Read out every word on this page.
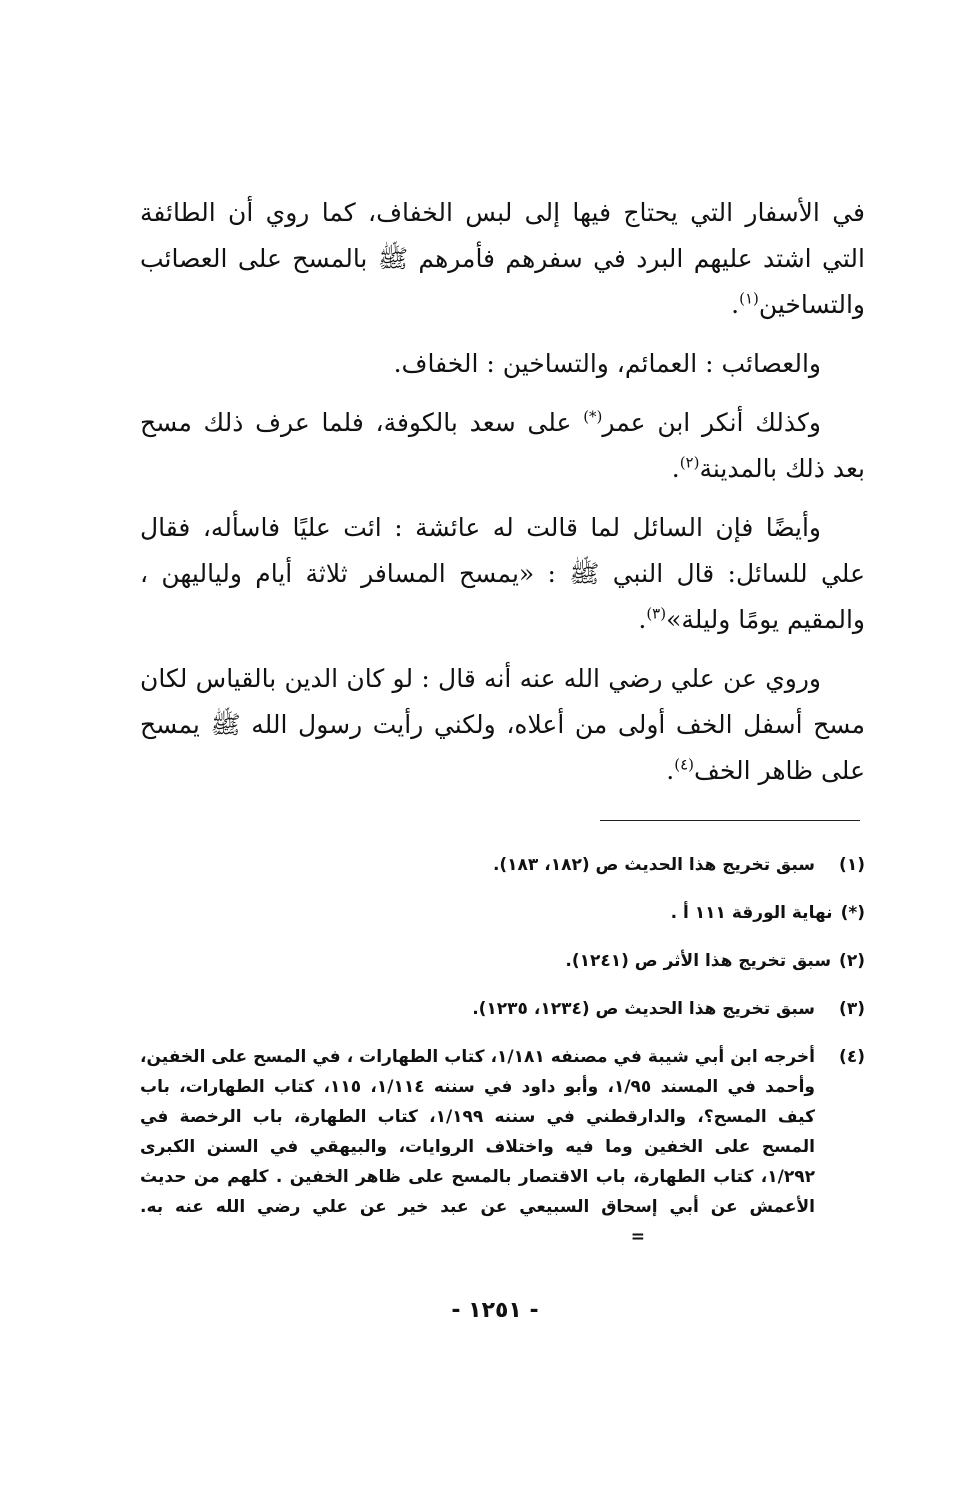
في الأسفار التي يحتاج فيها إلى لبس الخفاف، كما روي أن الطائفة التي اشتد عليهم البرد في سفرهم فأمرهم ﷺ بالمسح على العصائب والتساخين$^{(١)}$.

والعصائب : العمائم، والتساخين : الخفاف.

وكذلك أنكر ابن عمر(*) على سعد بالكوفة، فلما عرف ذلك مسح بعد ذلك بالمدينة$^{(٢)}$.

وأيضًا فإن السائل لما قالت له عائشة : ائت عليًا فاسأله، فقال علي للسائل: قال النبي ﷺ : «يمسح المسافر ثلاثة أيام ولياليهن ، والمقيم يومًا وليلة»$^{(٣)}$.

وروي عن علي رضي الله عنه أنه قال : لو كان الدين بالقياس لكان مسح أسفل الخف أولى من أعلاه، ولكني رأيت رسول الله ﷺ يمسح على ظاهر الخف$^{(٤)}$.

(١)
سبق تخريج هذا الحديث ص (١٨٢، ١٨٣).
(*)
نهاية الورقة ١١١ أ .
(٢)
سبق تخريج هذا الأثر ص (١٢٤١).
(٣)
سبق تخريج هذا الحديث ص (١٢٣٤، ١٢٣٥).
(٤)
أخرجه ابن أبي شيبة في مصنفه ١/١٨١، كتاب الطهارات ، في المسح على الخفين، وأحمد في المسند ١/٩٥، وأبو داود في سننه ١/١١٤، ١١٥، كتاب الطهارات، باب كيف المسح؟، والدارقطني في سننه ١/١٩٩، كتاب الطهارة، باب الرخصة في المسح على الخفين وما فيه واختلاف الروايات، والبيهقي في السنن الكبرى ١/٢٩٢، كتاب الطهارة، باب الاقتصار بالمسح على ظاهر الخفين . كلهم من حديث الأعمش عن أبي إسحاق السبيعي عن عبد خير عن علي رضي الله عنه به. =
- ١٢٥١ -
